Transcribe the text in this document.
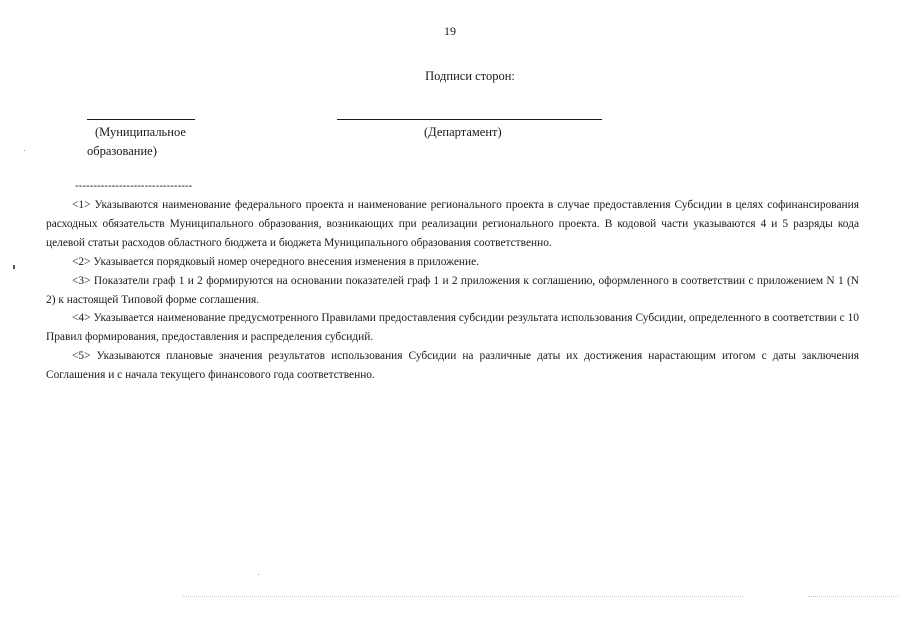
19
Подписи сторон:
(Муниципальное
образование)
(Департамент)
--------------------------------

<1> Указываются наименование федерального проекта и наименование регионального проекта в случае предоставления Субсидии в целях софинансирования расходных обязательств Муниципального образования, возникающих при реализации регионального проекта. В кодовой части указываются 4 и 5 разряды кода целевой статьи расходов областного бюджета и бюджета Муниципального образования соответственно.

<2> Указывается порядковый номер очередного внесения изменения в приложение.

<3> Показатели граф 1 и 2 формируются на основании показателей граф 1 и 2 приложения к соглашению, оформленного в соответствии с приложением N 1 (N 2) к настоящей Типовой форме соглашения.

<4> Указывается наименование предусмотренного Правилами предоставления субсидии результата использования Субсидии, определенного в соответствии с 10 Правил формирования, предоставления и распределения субсидий.

<5> Указываются плановые значения результатов использования Субсидии на различные даты их достижения нарастающим итогом с даты заключения Соглашения и с начала текущего финансового года соответственно.
